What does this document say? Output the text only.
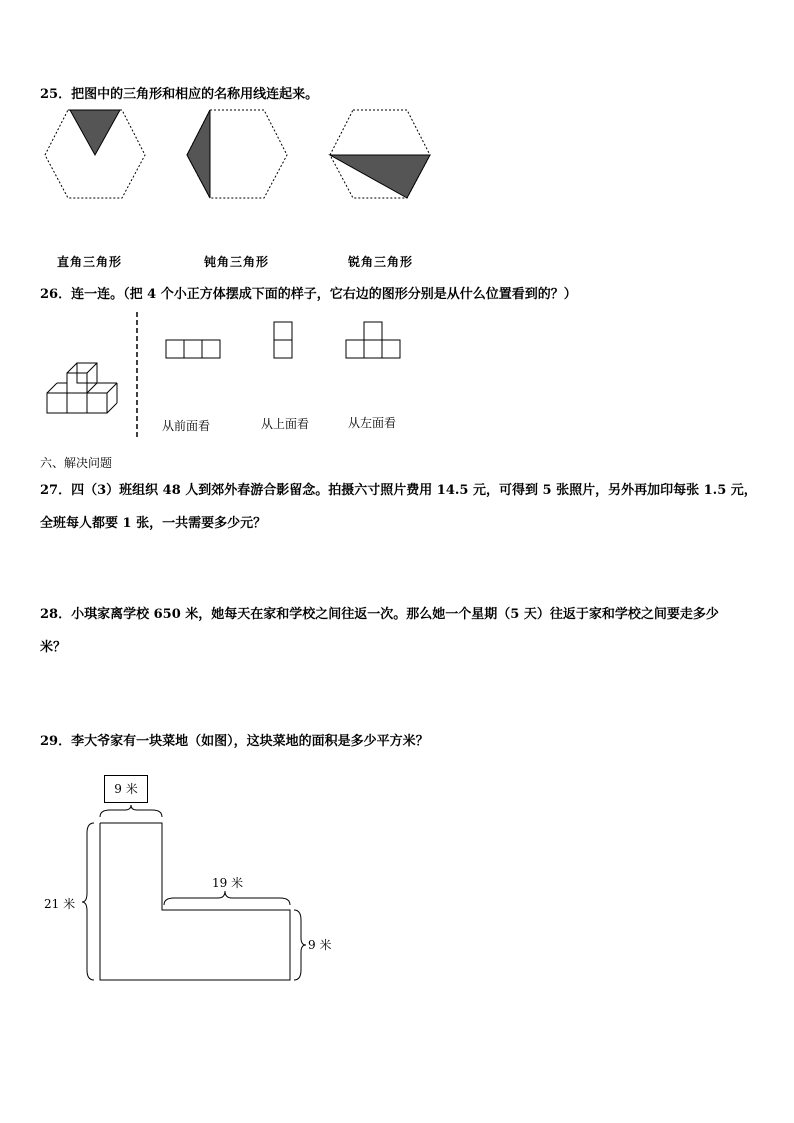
25．把图中的三角形和相应的名称用线连起来。
直角三角形	钝角三角形	锐角三角形
26．连一连。（把 4 个小正方体摆成下面的样子，它右边的图形分别是从什么位置看到的？）
从前面看	从上面看	从左面看
六、解决问题
27．四（3）班组织 48 人到郊外春游合影留念。拍摄六寸照片费用 14.5 元，可得到 5 张照片，另外再加印每张 1.5 元，
全班每人都要 1 张，一共需要多少元？
28．小琪家离学校 650 米，她每天在家和学校之间往返一次。那么她一个星期（5 天）往返于家和学校之间要走多少
米？
29．李大爷家有一块菜地（如图），这块菜地的面积是多少平方米？
9 米
21 米
19 米
9 米
